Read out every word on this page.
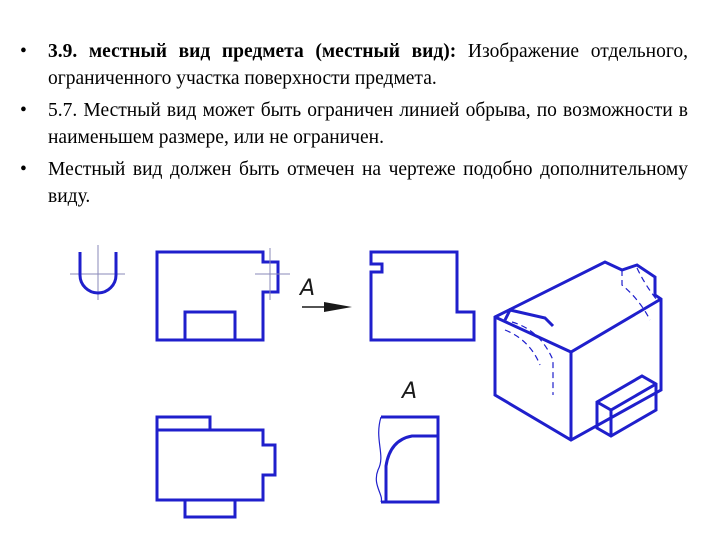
•	3.9. местный вид предмета (местный вид): Изображение отдельного, ограниченного участка поверхности предмета.
•	5.7. Местный вид может быть ограничен линией обрыва, по возможности в наименьшем размере, или не ограничен.
•	Местный вид должен быть отмечен на чертеже подобно дополнительному виду.
A
A
